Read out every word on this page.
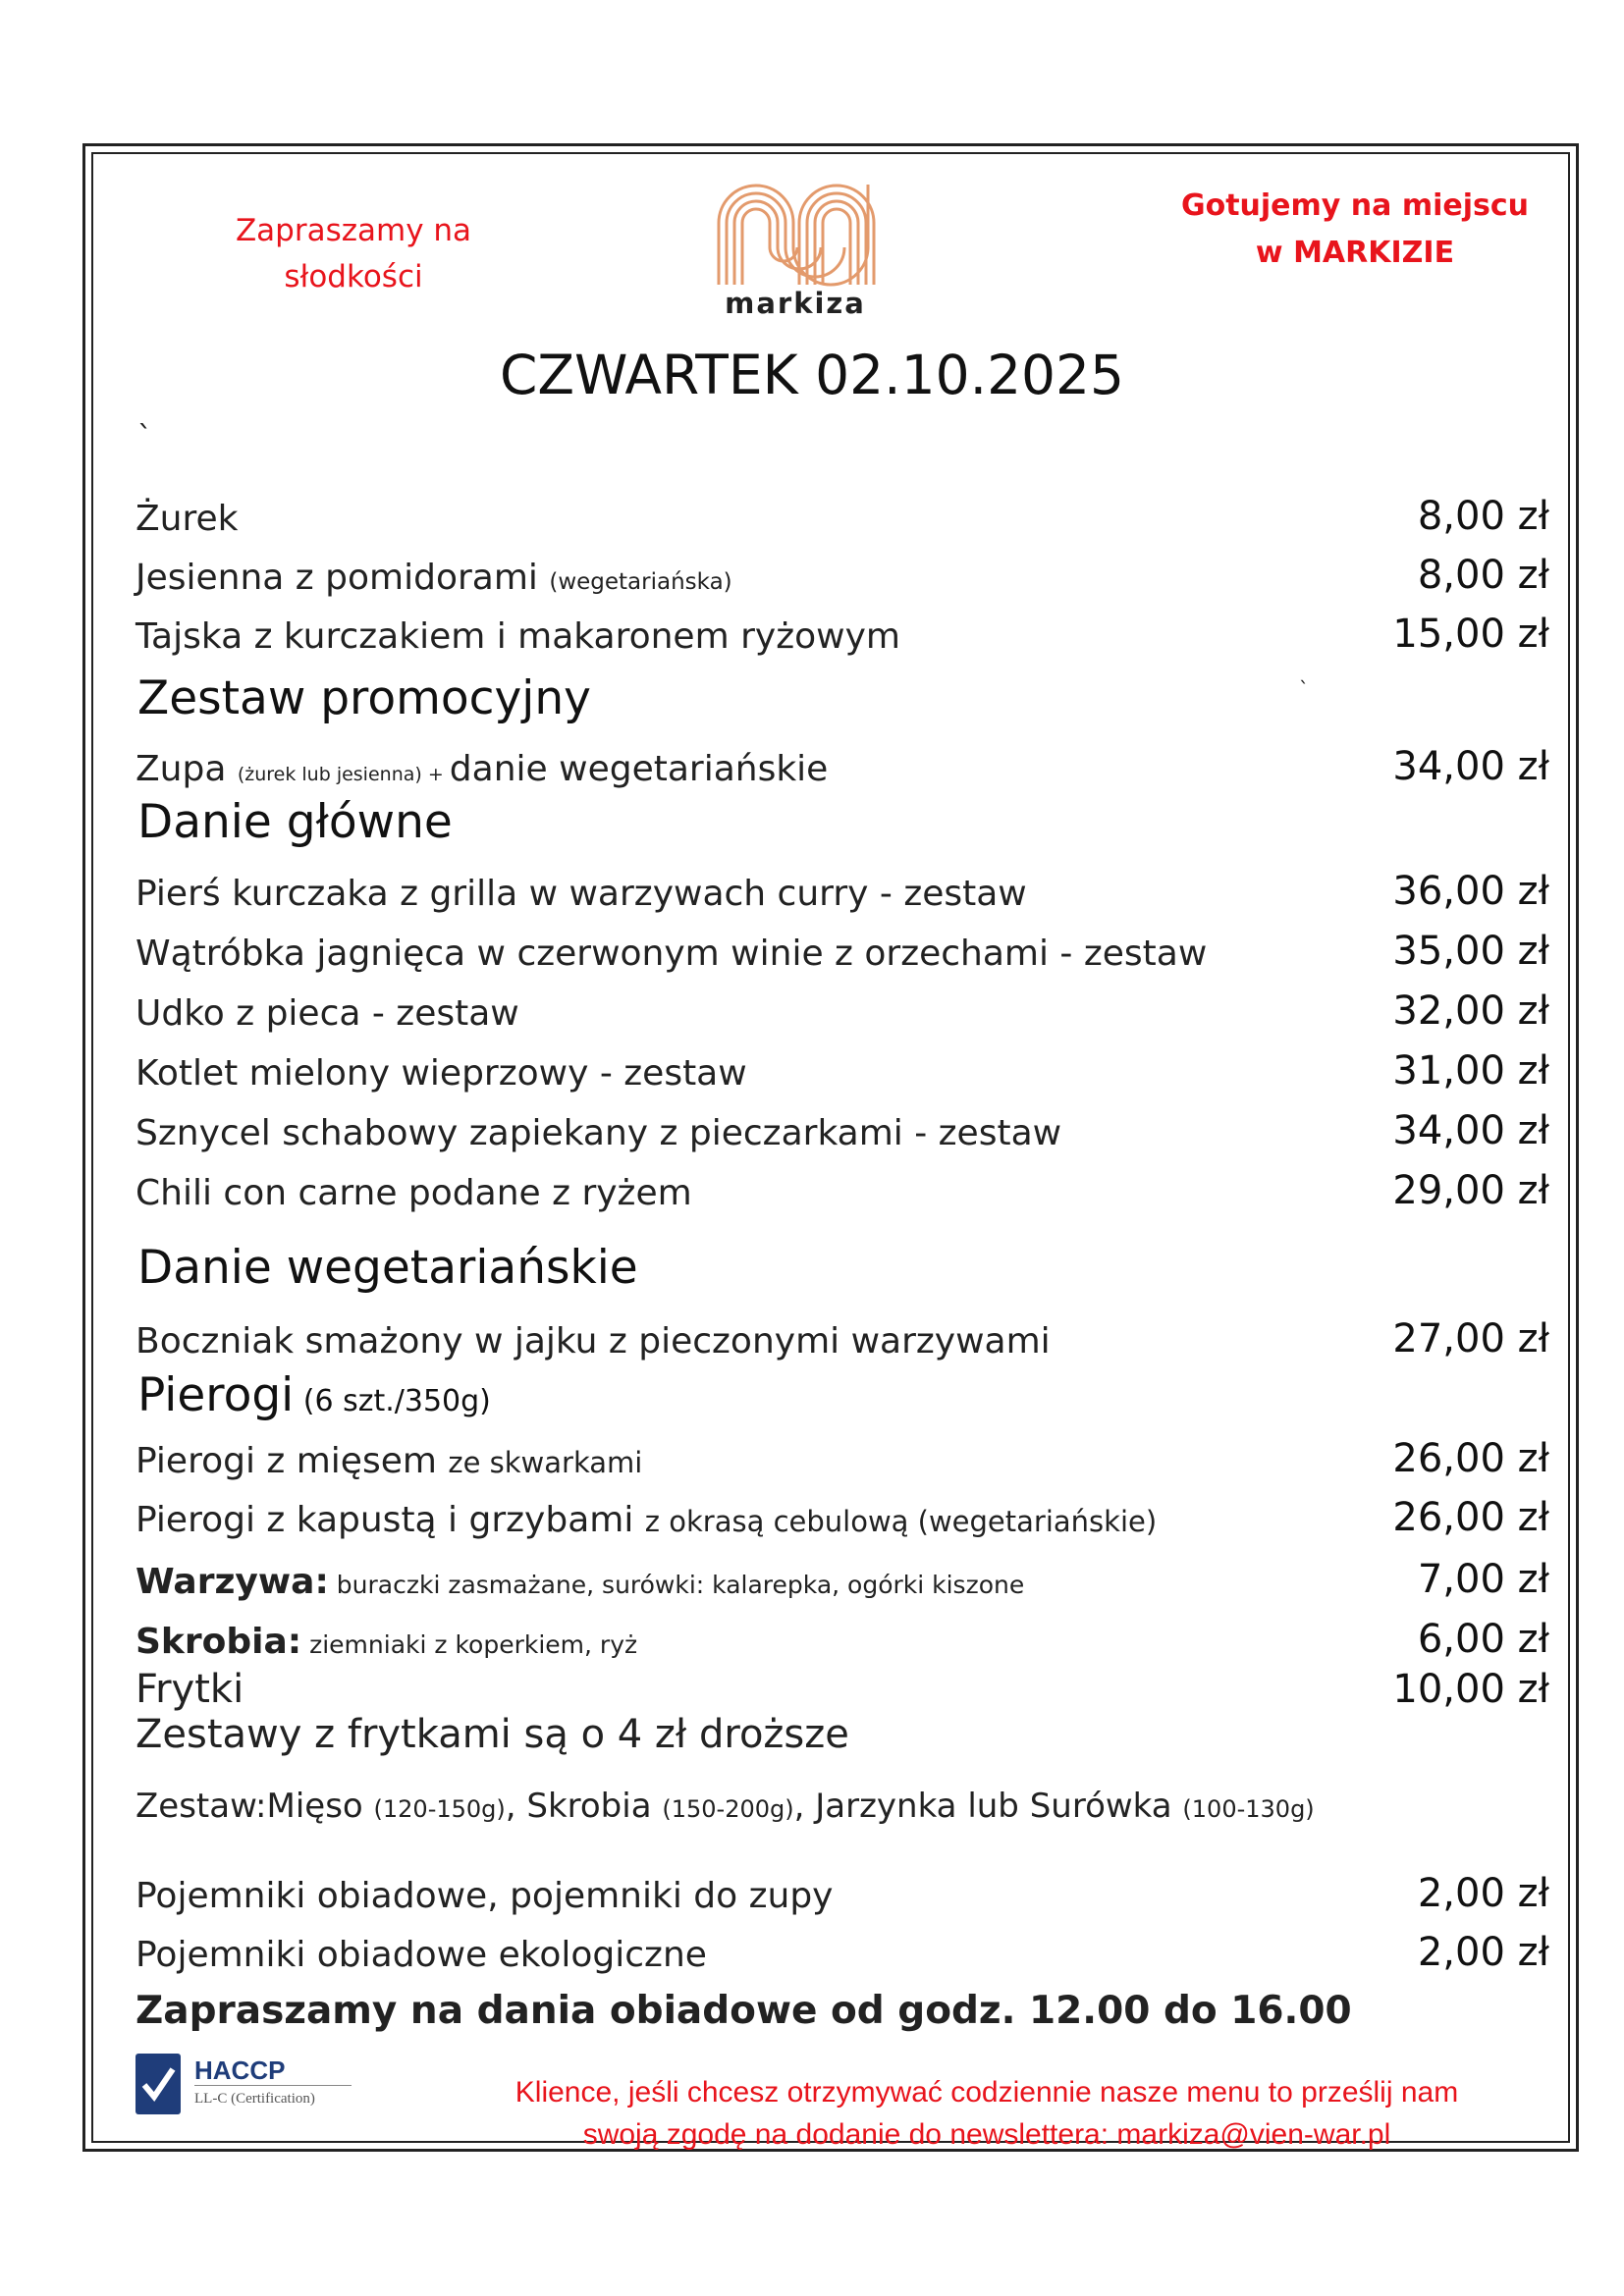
Zapraszamy na
słodkości
markiza
Gotujemy na miejscu
w MARKIZIE
CZWARTEK 02.10.2025
`
Żurek	8,00 zł
Jesienna z pomidorami (wegetariańska)	8,00 zł
Tajska z kurczakiem i makaronem ryżowym	15,00 zł
Zestaw promocyjny	`
Zupa (żurek lub jesienna) + danie wegetariańskie	34,00 zł
Danie główne
Pierś kurczaka z grilla w warzywach curry - zestaw	36,00 zł
Wątróbka jagnięca w czerwonym winie z orzechami - zestaw	35,00 zł
Udko z pieca - zestaw	32,00 zł
Kotlet mielony wieprzowy - zestaw	31,00 zł
Sznycel schabowy zapiekany z pieczarkami - zestaw	34,00 zł
Chili con carne podane z ryżem	29,00 zł
Danie wegetariańskie
Boczniak smażony w jajku z pieczonymi warzywami	27,00 zł
Pierogi (6 szt./350g)
Pierogi z mięsem ze skwarkami	26,00 zł
Pierogi z kapustą i grzybami z okrasą cebulową (wegetariańskie)	26,00 zł
Warzywa: buraczki zasmażane, surówki: kalarepka, ogórki kiszone	7,00 zł
Skrobia: ziemniaki z koperkiem, ryż	6,00 zł
Frytki	10,00 zł
Zestawy z frytkami są o 4 zł droższe
Zestaw:Mięso (120-150g), Skrobia (150-200g), Jarzynka lub Surówka (100-130g)
Pojemniki obiadowe, pojemniki do zupy	2,00 zł
Pojemniki obiadowe ekologiczne	2,00 zł
Zapraszamy na dania obiadowe od godz. 12.00 do 16.00
HACCP
LL-C (Certification)	Klience, jeśli chcesz otrzymywać codziennie nasze menu to prześlij nam
swoją zgodę na dodanie do newslettera: markiza@vien-war.pl
